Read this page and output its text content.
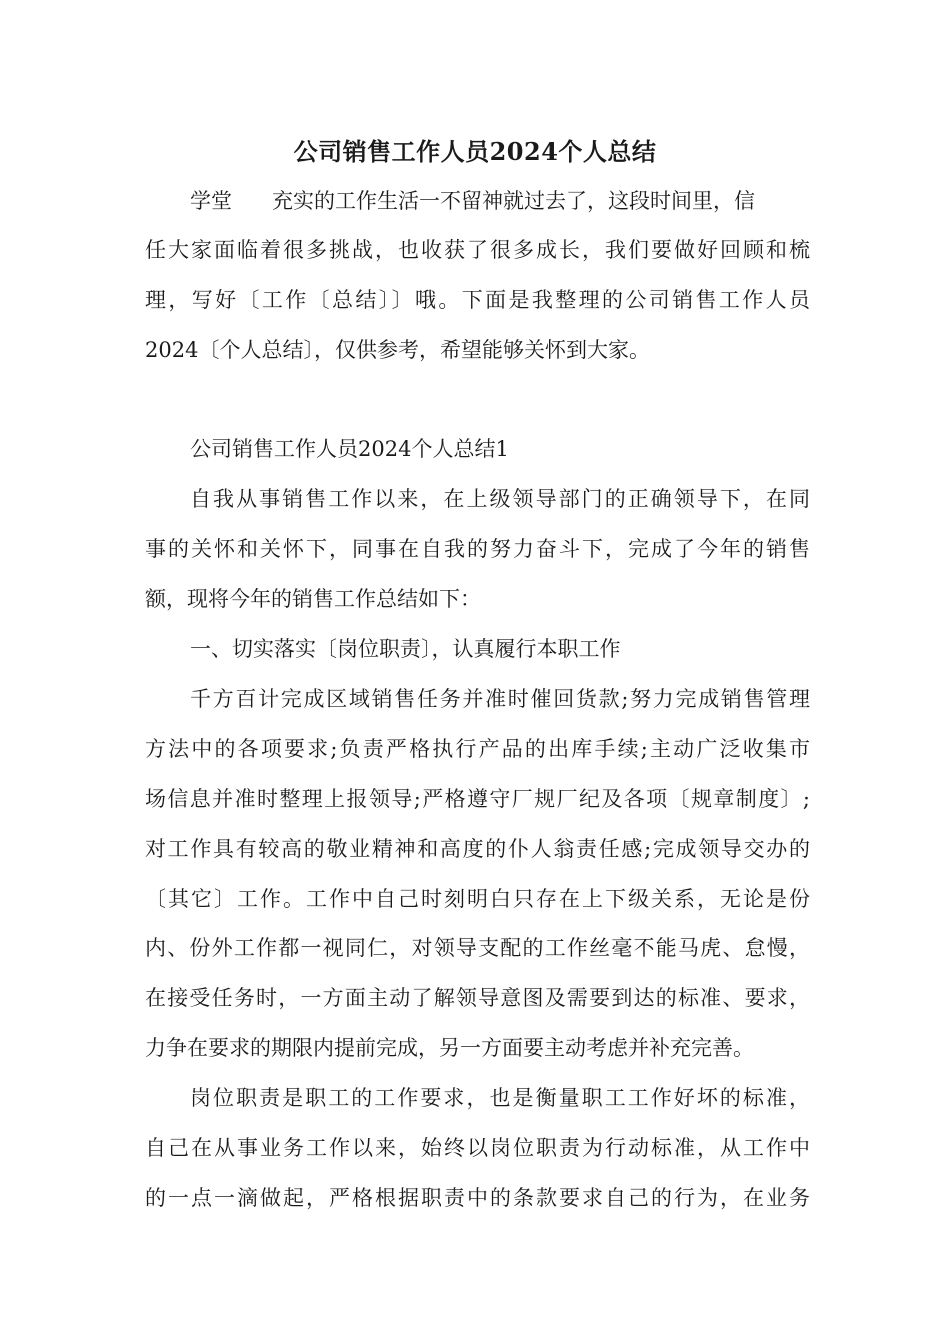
公司销售工作人员2024个人总结
学堂 充实的工作生活一不留神就过去了，这段时间里，信
任大家面临着很多挑战，也收获了很多成长，我们要做好回顾和梳
理，写好〔工作〔总结〕〕哦。下面是我整理的公司销售工作人员
2024〔个人总结〕，仅供参考，希望能够关怀到大家。
公司销售工作人员2024个人总结1
自我从事销售工作以来，在上级领导部门的正确领导下，在同
事的关怀和关怀下，同事在自我的努力奋斗下，完成了今年的销售
额，现将今年的销售工作总结如下：
一、切实落实〔岗位职责〕，认真履行本职工作
千方百计完成区域销售任务并准时催回货款;努力完成销售管理
方法中的各项要求;负责严格执行产品的出库手续;主动广泛收集市
场信息并准时整理上报领导;严格遵守厂规厂纪及各项〔规章制度〕;
对工作具有较高的敬业精神和高度的仆人翁责任感;完成领导交办的
〔其它〕工作。工作中自己时刻明白只存在上下级关系，无论是份
内、份外工作都一视同仁，对领导支配的工作丝毫不能马虎、怠慢，
在接受任务时，一方面主动了解领导意图及需要到达的标准、要求，
力争在要求的期限内提前完成，另一方面要主动考虑并补充完善。
岗位职责是职工的工作要求，也是衡量职工工作好坏的标准，
自己在从事业务工作以来，始终以岗位职责为行动标准，从工作中
的一点一滴做起，严格根据职责中的条款要求自己的行为，在业务
